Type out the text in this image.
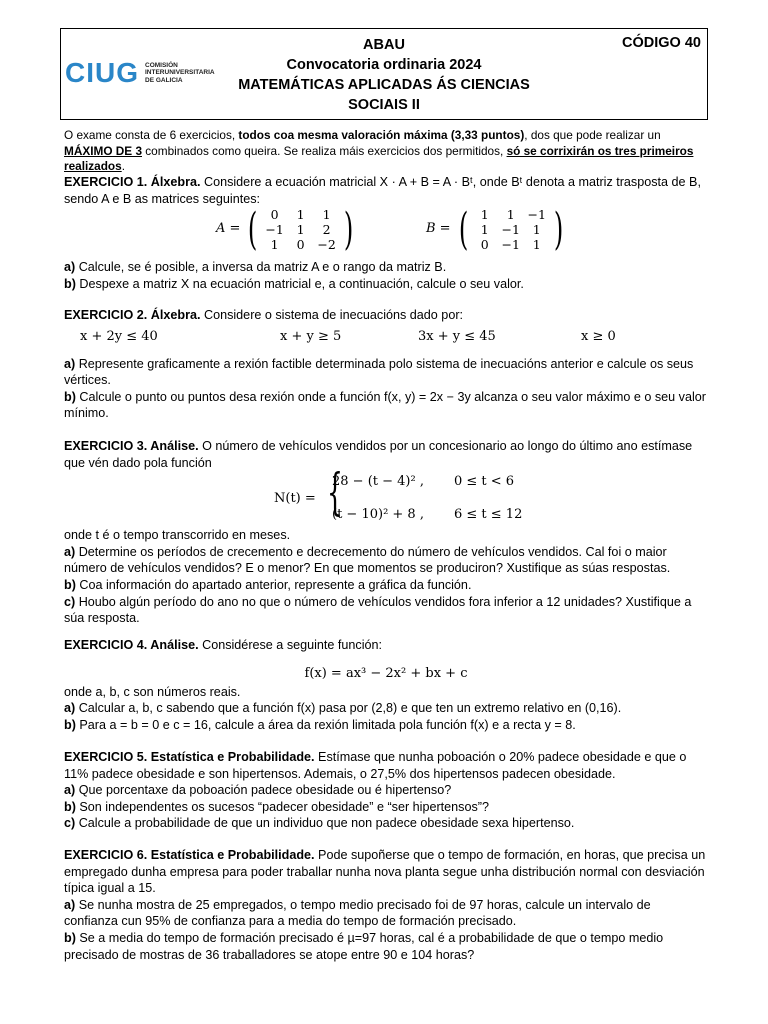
CIUG COMISIÓN
INTERUNIVERSITARIA
DE GALICIA
ABAU
Convocatoria ordinaria 2024
MATEMÁTICAS APLICADAS ÁS CIENCIAS
SOCIAIS II
CÓDIGO 40
O exame consta de 6 exercicios, todos coa mesma valoración máxima (3,33 puntos), dos que pode realizar un MÁXIMO DE 3 combinados como queira. Se realiza máis exercicios dos permitidos, só se corrixirán os tres primeiros realizados.
EXERCICIO 1. Álxebra. Considere a ecuación matricial X · A + B = A · Bᵗ, onde Bᵗ denota a matriz trasposta de B, sendo A e B as matrices seguintes:
A = (	0	1	1
−1	1	2
1	0	−2 )	B = (	1	1	−1
1	−1	1
0	−1	1 )
a) Calcule, se é posible, a inversa da matriz A e o rango da matriz B.
b) Despexe a matriz X na ecuación matricial e, a continuación, calcule o seu valor.
EXERCICIO 2. Álxebra. Considere o sistema de inecuacións dado por:
x + 2y ≤ 40	x + y ≥ 5	3x + y ≤ 45	x ≥ 0
a) Represente graficamente a rexión factible determinada polo sistema de inecuacións anterior e calcule os seus vértices.
b) Calcule o punto ou puntos desa rexión onde a función f(x, y) = 2x − 3y alcanza o seu valor máximo e o seu valor mínimo.
EXERCICIO 3. Análise. O número de vehículos vendidos por un concesionario ao longo do último ano estímase que vén dado pola función
N(t) = {
28 − (t − 4)² , 0 ≤ t < 6
(t − 10)² + 8 , 6 ≤ t ≤ 12
onde t é o tempo transcorrido en meses.
a) Determine os períodos de crecemento e decrecemento do número de vehículos vendidos. Cal foi o maior número de vehículos vendidos? E o menor? En que momentos se produciron? Xustifique as súas respostas.
b) Coa información do apartado anterior, represente a gráfica da función.
c) Houbo algún período do ano no que o número de vehículos vendidos fora inferior a 12 unidades? Xustifique a súa resposta.
EXERCICIO 4. Análise. Considérese a seguinte función:
f(x) = ax³ − 2x² + bx + c
onde a, b, c son números reais.
a) Calcular a, b, c sabendo que a función f(x) pasa por (2,8) e que ten un extremo relativo en (0,16).
b) Para a = b = 0 e c = 16, calcule a área da rexión limitada pola función f(x) e a recta y = 8.
EXERCICIO 5. Estatística e Probabilidade. Estímase que nunha poboación o 20% padece obesidade e que o 11% padece obesidade e son hipertensos. Ademais, o 27,5% dos hipertensos padecen obesidade.
a) Que porcentaxe da poboación padece obesidade ou é hipertenso?
b) Son independentes os sucesos “padecer obesidade” e “ser hipertensos”?
c) Calcule a probabilidade de que un individuo que non padece obesidade sexa hipertenso.
EXERCICIO 6. Estatística e Probabilidade. Pode supoñerse que o tempo de formación, en horas, que precisa un empregado dunha empresa para poder traballar nunha nova planta segue unha distribución normal con desviación típica igual a 15.
a) Se nunha mostra de 25 empregados, o tempo medio precisado foi de 97 horas, calcule un intervalo de confianza cun 95% de confianza para a media do tempo de formación precisado.
b) Se a media do tempo de formación precisado é µ=97 horas, cal é a probabilidade de que o tempo medio precisado de mostras de 36 traballadores se atope entre 90 e 104 horas?
